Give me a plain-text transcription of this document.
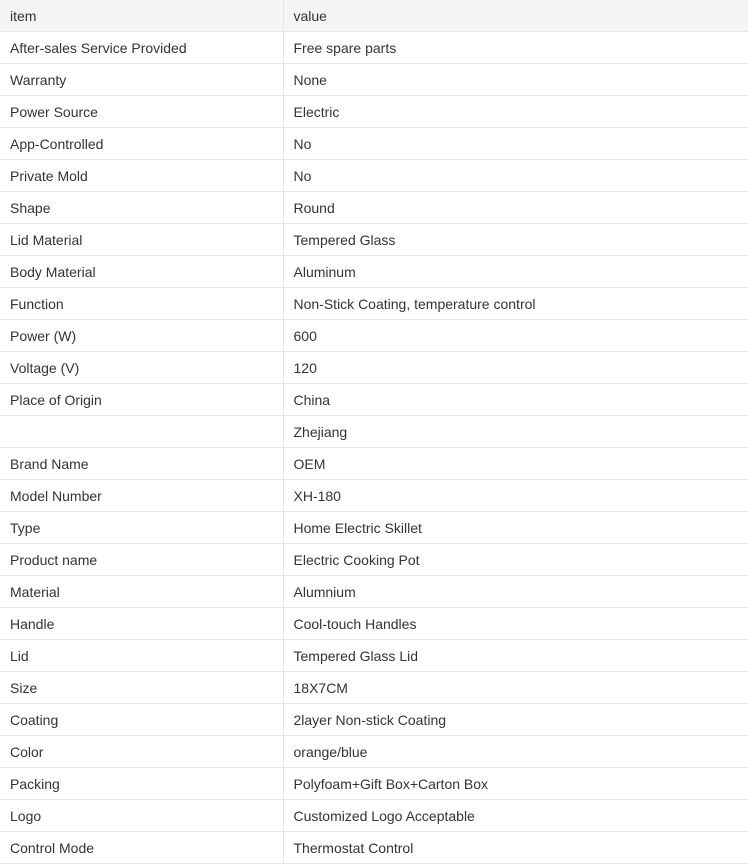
item	value
After-sales Service Provided	Free spare parts
Warranty	None
Power Source	Electric
App-Controlled	No
Private Mold	No
Shape	Round
Lid Material	Tempered Glass
Body Material	Aluminum
Function	Non-Stick Coating, temperature control
Power (W)	600
Voltage (V)	120
Place of Origin	China
	Zhejiang
Brand Name	OEM
Model Number	XH-180
Type	Home Electric Skillet
Product name	Electric Cooking Pot
Material	Alumnium
Handle	Cool-touch Handles
Lid	Tempered Glass Lid
Size	18X7CM
Coating	2layer Non-stick Coating
Color	orange/blue
Packing	Polyfoam+Gift Box+Carton Box
Logo	Customized Logo Acceptable
Control Mode	Thermostat Control
